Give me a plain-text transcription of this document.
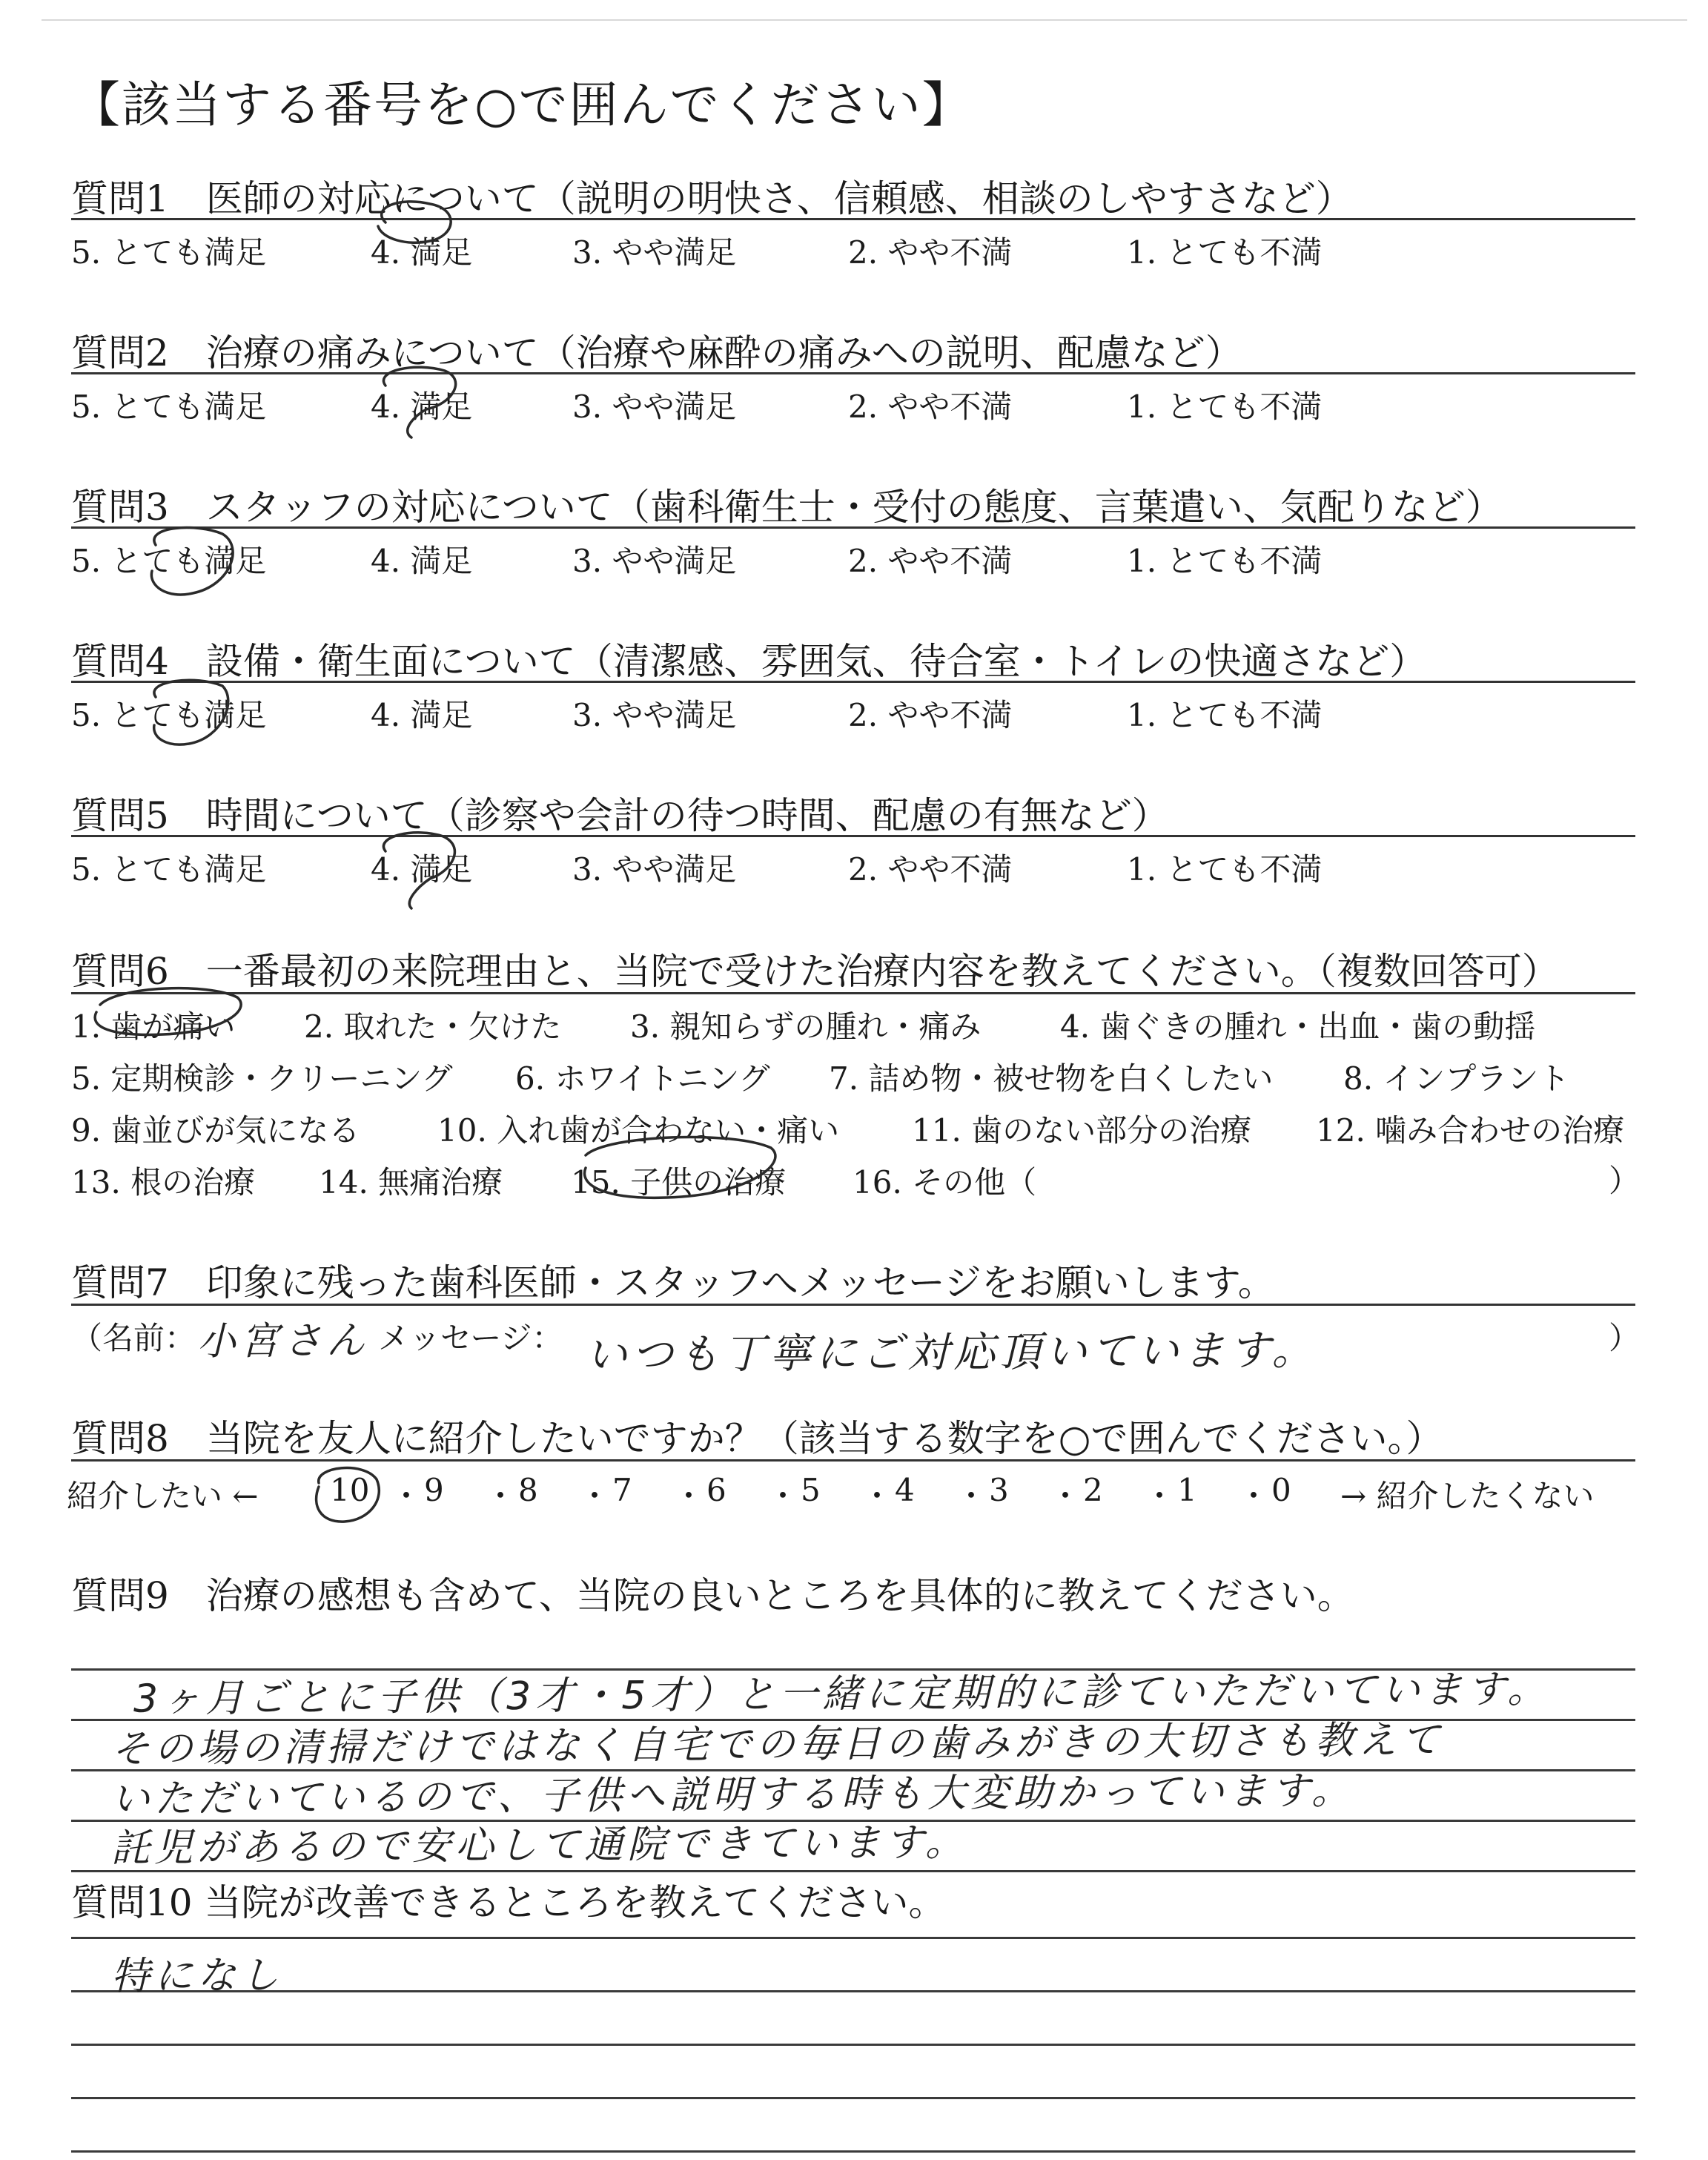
【該当する番号を○で囲んでください】
質問1　医師の対応について（説明の明快さ、信頼感、相談のしやすさなど）
5. とても満足	4. 満足	3. やや満足	2. やや不満	1. とても不満
質問2　治療の痛みについて（治療や麻酔の痛みへの説明、配慮など）
5. とても満足	4. 満足	3. やや満足	2. やや不満	1. とても不満
質問3　スタッフの対応について（歯科衛生士・受付の態度、言葉遣い、気配りなど）
5. とても満足	4. 満足	3. やや満足	2. やや不満	1. とても不満
質問4　設備・衛生面について（清潔感、雰囲気、待合室・トイレの快適さなど）
5. とても満足	4. 満足	3. やや満足	2. やや不満	1. とても不満
質問5　時間について（診察や会計の待つ時間、配慮の有無など）
5. とても満足	4. 満足	3. やや満足	2. やや不満	1. とても不満
質問6　一番最初の来院理由と、当院で受けた治療内容を教えてください。（複数回答可）
1. 歯が痛い 2. 取れた・欠けた 3. 親知らずの腫れ・痛み	4. 歯ぐきの腫れ・出血・歯の動揺
5. 定期検診・クリーニング 6. ホワイトニング 7. 詰め物・被せ物を白くしたい 8. インプラント
9. 歯並びが気になる 10. 入れ歯が合わない・痛い 11. 歯のない部分の治療 12. 噛み合わせの治療
13. 根の治療 14. 無痛治療 15. 子供の治療 16. その他（	）
質問7　印象に残った歯科医師・スタッフへメッセージをお願いします。
（名前： 小宮さん メッセージ： いつも丁寧にご対応頂いています。	）
質問8　当院を友人に紹介したいですか？（該当する数字を○で囲んでください。）
紹介したい ← 10 ・ 9 ・ 8 ・ 7 ・ 6 ・ 5 ・ 4 ・ 3 ・ 2 ・ 1 ・ 0 → 紹介したくない
質問9　治療の感想も含めて、当院の良いところを具体的に教えてください。
3ヶ月ごとに子供（3才・5才）と一緒に定期的に診ていただいています。
その場の清掃だけではなく自宅での毎日の歯みがきの大切さも教えて
いただいているので、子供へ説明する時も大変助かっています。
託児があるので安心して通院できています。
質問10 当院が改善できるところを教えてください。
特になし
